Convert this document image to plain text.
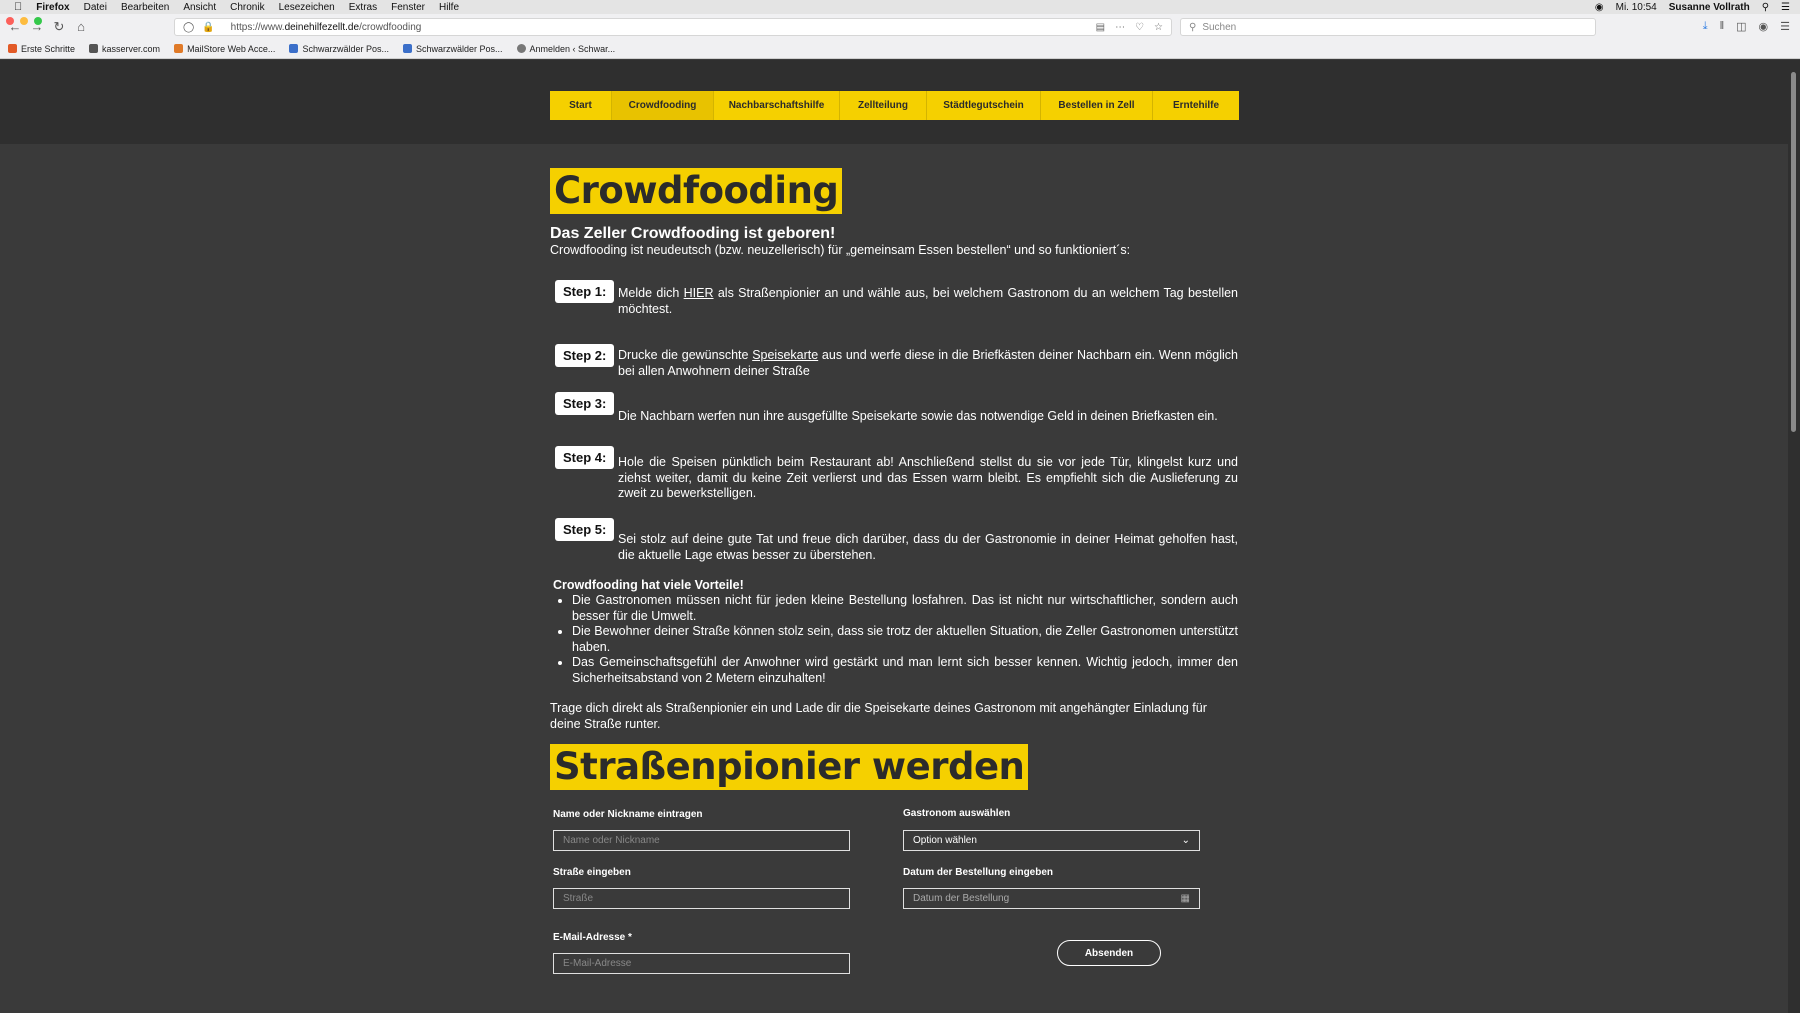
Firefox Datei Bearbeiten Ansicht Chronik Lesezeichen Extras Fenster Hilfe	◉ Mi. 10:54 Susanne Vollrath ⚲ ☰
← → ↻ ⌂	◯ 🔒 https://www.deinehilfezellt.de/crowdfooding	▤ ⋯ ♡ ☆	⚲ Suchen	⤓ ‖ ◫ ◉ ☰
Erste Schritte	kasserver.com	MailStore Web Acce...	Schwarzwälder Pos...	Schwarzwälder Pos...	Anmelden ‹ Schwar...
Start	Crowdfooding	Nachbarschaftshilfe	Zellteilung	Städtlegutschein	Bestellen in Zell	Erntehilfe
Crowdfooding
Das Zeller Crowdfooding ist geboren!
Crowdfooding ist neudeutsch (bzw. neuzellerisch) für „gemeinsam Essen bestellen“ und so funktioniert´s:
Step 1: Melde dich HIER als Straßenpionier an und wähle aus, bei welchem Gastronom du an welchem Tag bestellen möchtest.
Step 2: Drucke die gewünschte Speisekarte aus und werfe diese in die Briefkästen deiner Nachbarn ein. Wenn möglich bei allen Anwohnern deiner Straße
Step 3:
Die Nachbarn werfen nun ihre ausgefüllte Speisekarte sowie das notwendige Geld in deinen Briefkasten ein.
Step 4: Hole die Speisen pünktlich beim Restaurant ab! Anschließend stellst du sie vor jede Tür, klingelst kurz und ziehst weiter, damit du keine Zeit verlierst und das Essen warm bleibt. Es empfiehlt sich die Auslieferung zu zweit zu bewerkstelligen.
Step 5:
Sei stolz auf deine gute Tat und freue dich darüber, dass du der Gastronomie in deiner Heimat geholfen hast, die aktuelle Lage etwas besser zu überstehen.
Crowdfooding hat viele Vorteile!
• Die Gastronomen müssen nicht für jeden kleine Bestellung losfahren. Das ist nicht nur wirtschaftlicher, sondern auch besser für die Umwelt.
• Die Bewohner deiner Straße können stolz sein, dass sie trotz der aktuellen Situation, die Zeller Gastronomen unterstützt haben.
• Das Gemeinschaftsgefühl der Anwohner wird gestärkt und man lernt sich besser kennen. Wichtig jedoch, immer den Sicherheitsabstand von 2 Metern einzuhalten!
Trage dich direkt als Straßenpionier ein und Lade dir die Speisekarte deines Gastronom mit angehängter Einladung für deine Straße runter.
Straßenpionier werden
Name oder Nickname eintragen
Name oder Nickname
Gastronom auswählen
Option wählen	⌄
Straße eingeben
Straße
Datum der Bestellung eingeben
Datum der Bestellung	▦
E-Mail-Adresse *
E-Mail-Adresse
Absenden
